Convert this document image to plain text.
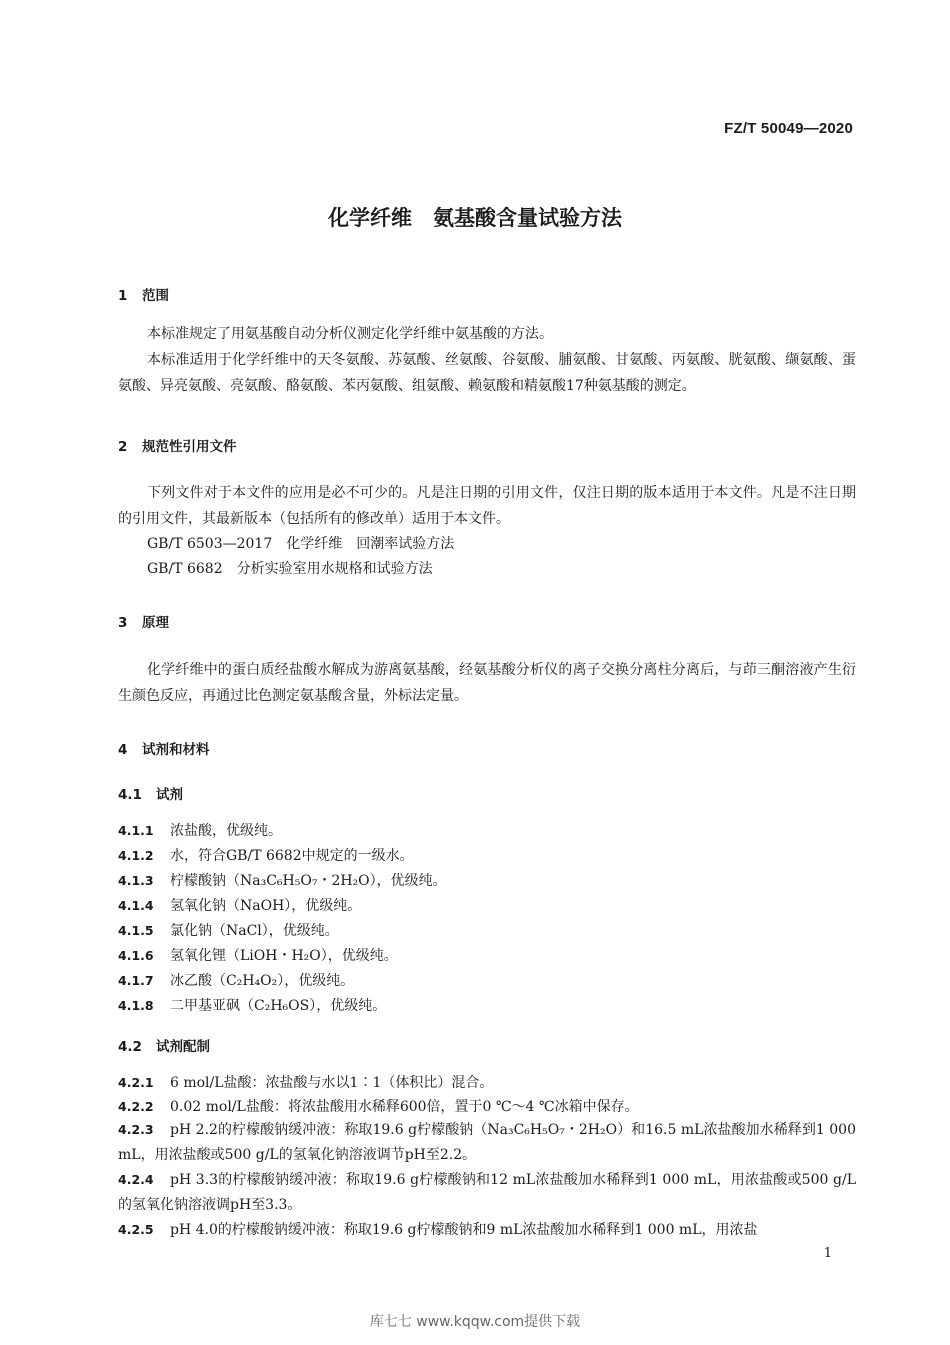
FZ/T 50049—2020
化学纤维　氨基酸含量试验方法
1 范围
本标准规定了用氨基酸自动分析仪测定化学纤维中氨基酸的方法。
本标准适用于化学纤维中的天冬氨酸、苏氨酸、丝氨酸、谷氨酸、脯氨酸、甘氨酸、丙氨酸、胱氨酸、缬氨酸、蛋氨酸、异亮氨酸、亮氨酸、酪氨酸、苯丙氨酸、组氨酸、赖氨酸和精氨酸17种氨基酸的测定。
2 规范性引用文件
下列文件对于本文件的应用是必不可少的。凡是注日期的引用文件，仅注日期的版本适用于本文件。凡是不注日期的引用文件，其最新版本（包括所有的修改单）适用于本文件。
GB/T 6503—2017　化学纤维　回潮率试验方法
GB/T 6682　分析实验室用水规格和试验方法
3 原理
化学纤维中的蛋白质经盐酸水解成为游离氨基酸，经氨基酸分析仪的离子交换分离柱分离后，与茚三酮溶液产生衍生颜色反应，再通过比色测定氨基酸含量，外标法定量。
4 试剂和材料
4.1 试剂
4.1.1 浓盐酸，优级纯。
4.1.2 水，符合GB/T 6682中规定的一级水。
4.1.3 柠檬酸钠（Na₃C₆H₅O₇・2H₂O），优级纯。
4.1.4 氢氧化钠（NaOH），优级纯。
4.1.5 氯化钠（NaCl），优级纯。
4.1.6 氢氧化锂（LiOH・H₂O），优级纯。
4.1.7 冰乙酸（C₂H₄O₂），优级纯。
4.1.8 二甲基亚砜（C₂H₆OS），优级纯。
4.2 试剂配制
4.2.1 6 mol/L盐酸：浓盐酸与水以1∶1（体积比）混合。
4.2.2 0.02 mol/L盐酸：将浓盐酸用水稀释600倍，置于0 ℃～4 ℃冰箱中保存。
4.2.3 pH 2.2的柠檬酸钠缓冲液：称取19.6 g柠檬酸钠（Na₃C₆H₅O₇・2H₂O）和16.5 mL浓盐酸加水稀释到1 000 mL，用浓盐酸或500 g/L的氢氧化钠溶液调节pH至2.2。
4.2.4 pH 3.3的柠檬酸钠缓冲液：称取19.6 g柠檬酸钠和12 mL浓盐酸加水稀释到1 000 mL，用浓盐酸或500 g/L的氢氧化钠溶液调pH至3.3。
4.2.5 pH 4.0的柠檬酸钠缓冲液：称取19.6 g柠檬酸钠和9 mL浓盐酸加水稀释到1 000 mL，用浓盐
1
库七七 www.kqqw.com提供下载
